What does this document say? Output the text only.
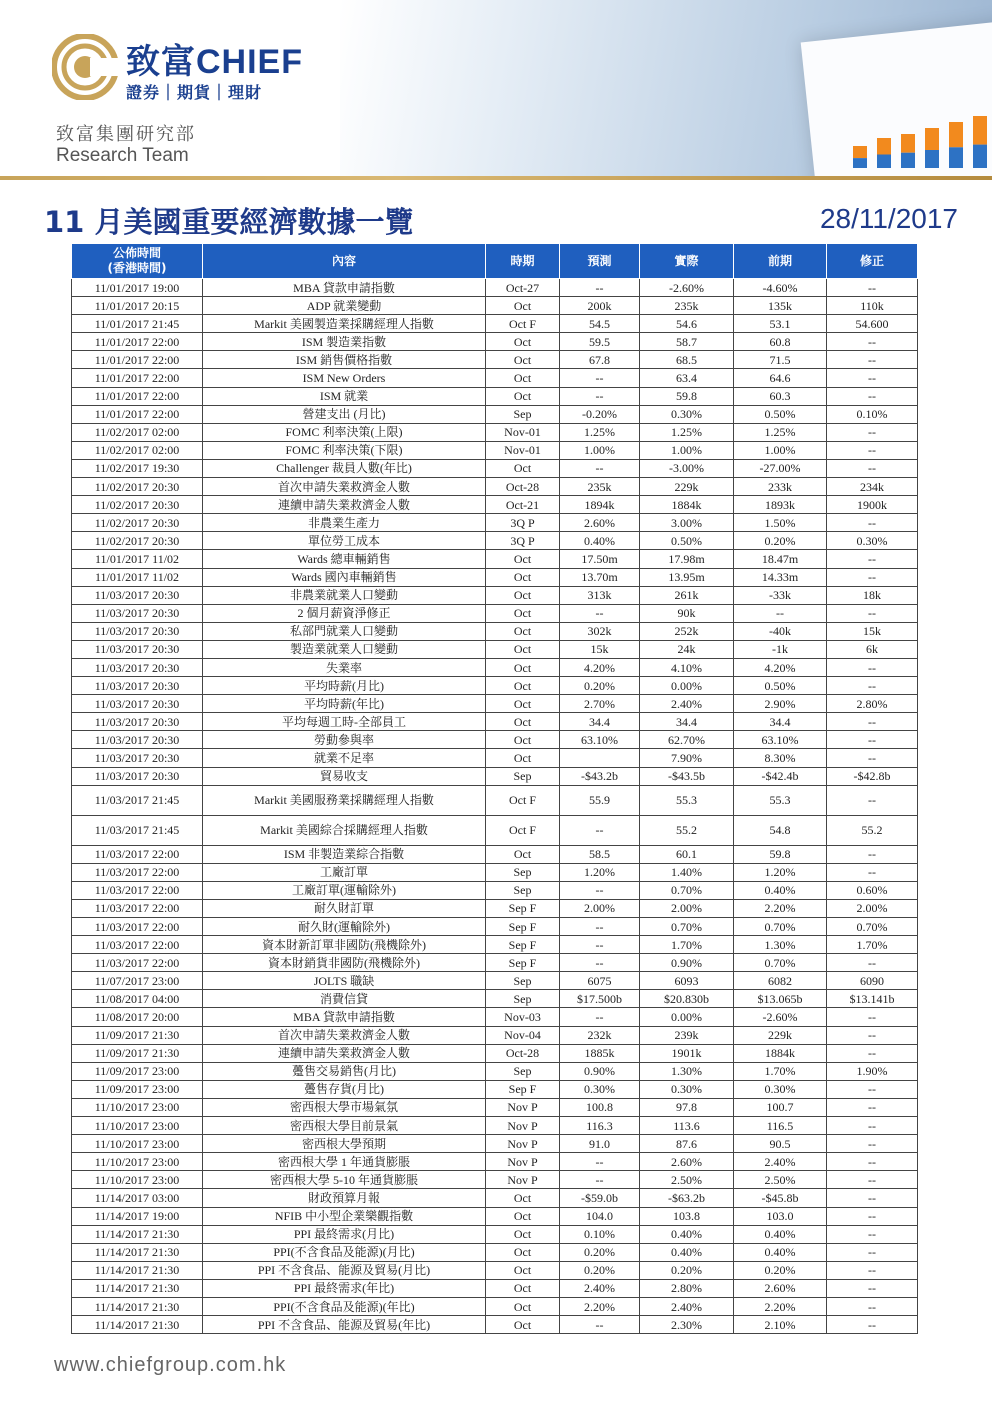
致富CHIEF
證券｜期貨｜理財
致富集團研究部
Research Team
11 月美國重要經濟數據一覽	28/11/2017
公佈時間
(香港時間)	內容	時期	預測	實際	前期	修正
11/01/2017 19:00	MBA 貸款申請指數	Oct-27	--	-2.60%	-4.60%	--
11/01/2017 20:15	ADP 就業變動	Oct	200k	235k	135k	110k
11/01/2017 21:45	Markit 美國製造業採購經理人指數	Oct F	54.5	54.6	53.1	54.600
11/01/2017 22:00	ISM 製造業指數	Oct	59.5	58.7	60.8	--
11/01/2017 22:00	ISM 銷售價格指數	Oct	67.8	68.5	71.5	--
11/01/2017 22:00	ISM New Orders	Oct	--	63.4	64.6	--
11/01/2017 22:00	ISM 就業	Oct	--	59.8	60.3	--
11/01/2017 22:00	營建支出 (月比)	Sep	-0.20%	0.30%	0.50%	0.10%
11/02/2017 02:00	FOMC 利率決策(上限)	Nov-01	1.25%	1.25%	1.25%	--
11/02/2017 02:00	FOMC 利率決策(下限)	Nov-01	1.00%	1.00%	1.00%	--
11/02/2017 19:30	Challenger 裁員人數(年比)	Oct	--	-3.00%	-27.00%	--
11/02/2017 20:30	首次申請失業救濟金人數	Oct-28	235k	229k	233k	234k
11/02/2017 20:30	連續申請失業救濟金人數	Oct-21	1894k	1884k	1893k	1900k
11/02/2017 20:30	非農業生產力	3Q P	2.60%	3.00%	1.50%	--
11/02/2017 20:30	單位勞工成本	3Q P	0.40%	0.50%	0.20%	0.30%
11/01/2017 11/02	Wards 總車輛銷售	Oct	17.50m	17.98m	18.47m	--
11/01/2017 11/02	Wards 國內車輛銷售	Oct	13.70m	13.95m	14.33m	--
11/03/2017 20:30	非農業就業人口變動	Oct	313k	261k	-33k	18k
11/03/2017 20:30	2 個月薪資淨修正	Oct	--	90k	--	--
11/03/2017 20:30	私部門就業人口變動	Oct	302k	252k	-40k	15k
11/03/2017 20:30	製造業就業人口變動	Oct	15k	24k	-1k	6k
11/03/2017 20:30	失業率	Oct	4.20%	4.10%	4.20%	--
11/03/2017 20:30	平均時薪(月比)	Oct	0.20%	0.00%	0.50%	--
11/03/2017 20:30	平均時薪(年比)	Oct	2.70%	2.40%	2.90%	2.80%
11/03/2017 20:30	平均每週工時-全部員工	Oct	34.4	34.4	34.4	--
11/03/2017 20:30	勞動參與率	Oct	63.10%	62.70%	63.10%	--
11/03/2017 20:30	就業不足率	Oct		7.90%	8.30%	--
11/03/2017 20:30	貿易收支	Sep	-$43.2b	-$43.5b	-$42.4b	-$42.8b
11/03/2017 21:45	Markit 美國服務業採購經理人指數	Oct F	55.9	55.3	55.3	--
11/03/2017 21:45	Markit 美國綜合採購經理人指數	Oct F	--	55.2	54.8	55.2
11/03/2017 22:00	ISM 非製造業綜合指數	Oct	58.5	60.1	59.8	--
11/03/2017 22:00	工廠訂單	Sep	1.20%	1.40%	1.20%	--
11/03/2017 22:00	工廠訂單(運輸除外)	Sep	--	0.70%	0.40%	0.60%
11/03/2017 22:00	耐久財訂單	Sep F	2.00%	2.00%	2.20%	2.00%
11/03/2017 22:00	耐久財(運輸除外)	Sep F	--	0.70%	0.70%	0.70%
11/03/2017 22:00	資本財新訂單非國防(飛機除外)	Sep F	--	1.70%	1.30%	1.70%
11/03/2017 22:00	資本財銷貨非國防(飛機除外)	Sep F	--	0.90%	0.70%	--
11/07/2017 23:00	JOLTS 職缺	Sep	6075	6093	6082	6090
11/08/2017 04:00	消費信貸	Sep	$17.500b	$20.830b	$13.065b	$13.141b
11/08/2017 20:00	MBA 貸款申請指數	Nov-03	--	0.00%	-2.60%	--
11/09/2017 21:30	首次申請失業救濟金人數	Nov-04	232k	239k	229k	--
11/09/2017 21:30	連續申請失業救濟金人數	Oct-28	1885k	1901k	1884k	--
11/09/2017 23:00	躉售交易銷售(月比)	Sep	0.90%	1.30%	1.70%	1.90%
11/09/2017 23:00	躉售存貨(月比)	Sep F	0.30%	0.30%	0.30%	--
11/10/2017 23:00	密西根大學市場氣氛	Nov P	100.8	97.8	100.7	--
11/10/2017 23:00	密西根大學目前景氣	Nov P	116.3	113.6	116.5	--
11/10/2017 23:00	密西根大學預期	Nov P	91.0	87.6	90.5	--
11/10/2017 23:00	密西根大學 1 年通貨膨脹	Nov P	--	2.60%	2.40%	--
11/10/2017 23:00	密西根大學 5-10 年通貨膨脹	Nov P	--	2.50%	2.50%	--
11/14/2017 03:00	財政預算月報	Oct	-$59.0b	-$63.2b	-$45.8b	--
11/14/2017 19:00	NFIB 中小型企業樂觀指數	Oct	104.0	103.8	103.0	--
11/14/2017 21:30	PPI 最終需求(月比)	Oct	0.10%	0.40%	0.40%	--
11/14/2017 21:30	PPI(不含食品及能源)(月比)	Oct	0.20%	0.40%	0.40%	--
11/14/2017 21:30	PPI 不含食品、能源及貿易(月比)	Oct	0.20%	0.20%	0.20%	--
11/14/2017 21:30	PPI 最終需求(年比)	Oct	2.40%	2.80%	2.60%	--
11/14/2017 21:30	PPI(不含食品及能源)(年比)	Oct	2.20%	2.40%	2.20%	--
11/14/2017 21:30	PPI 不含食品、能源及貿易(年比)	Oct	--	2.30%	2.10%	--
www.chiefgroup.com.hk
